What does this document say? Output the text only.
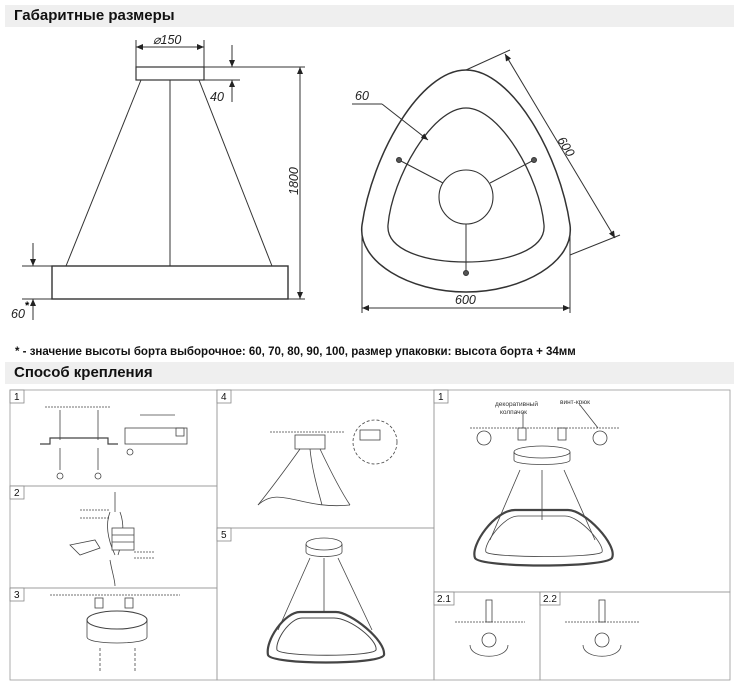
Габаритные размеры
* - значение высоты борта выборочное: 60, 70, 80, 90, 100, размер упаковки: высота борта + 34мм
Способ крепления
⌀150
40
1800
60
*
60
600
600
1
2
3
4
5
1
2.1	2.2
декоративный
колпачок
винт-крюк
